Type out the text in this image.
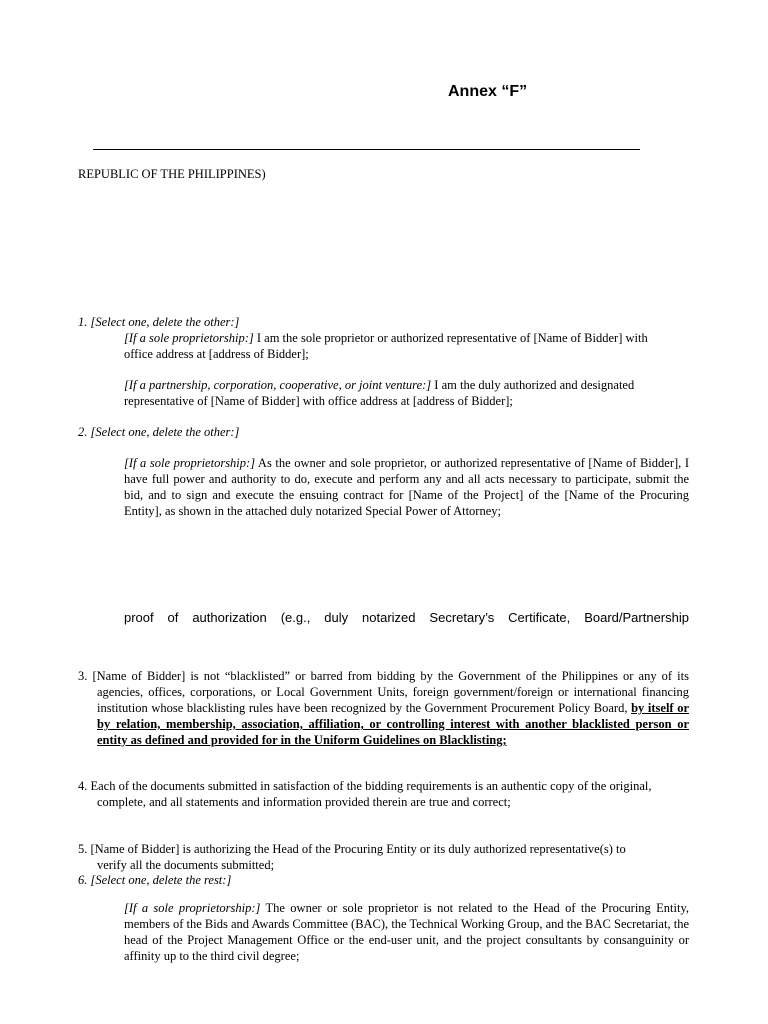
Annex “F”
REPUBLIC OF THE PHILIPPINES)
1. [Select one, delete the other:]
[If a sole proprietorship:] I am the sole proprietor or authorized representative of [Name of Bidder] with office address at [address of Bidder];
[If a partnership, corporation, cooperative, or joint venture:] I am the duly authorized and designated representative of [Name of Bidder] with office address at [address of Bidder];
2. [Select one, delete the other:]
[If a sole proprietorship:] As the owner and sole proprietor, or authorized representative of [Name of Bidder], I have full power and authority to do, execute and perform any and all acts necessary to participate, submit the bid, and to sign and execute the ensuing contract for [Name of the Project] of the [Name of the Procuring Entity], as shown in the attached duly notarized Special Power of Attorney;
proof of authorization (e.g., duly notarized Secretary’s Certificate, Board/Partnership
3. [Name of Bidder] is not “blacklisted” or barred from bidding by the Government of the Philippines or any of its agencies, offices, corporations, or Local Government Units, foreign government/foreign or international financing institution whose blacklisting rules have been recognized by the Government Procurement Policy Board, by itself or by relation, membership, association, affiliation, or controlling interest with another blacklisted person or entity as defined and provided for in the Uniform Guidelines on Blacklisting;
4. Each of the documents submitted in satisfaction of the bidding requirements is an authentic copy of the original, complete, and all statements and information provided therein are true and correct;
5. [Name of Bidder] is authorizing the Head of the Procuring Entity or its duly authorized representative(s) to verify all the documents submitted;
6. [Select one, delete the rest:]
[If a sole proprietorship:] The owner or sole proprietor is not related to the Head of the Procuring Entity, members of the Bids and Awards Committee (BAC), the Technical Working Group, and the BAC Secretariat, the head of the Project Management Office or the end-user unit, and the project consultants by consanguinity or affinity up to the third civil degree;
